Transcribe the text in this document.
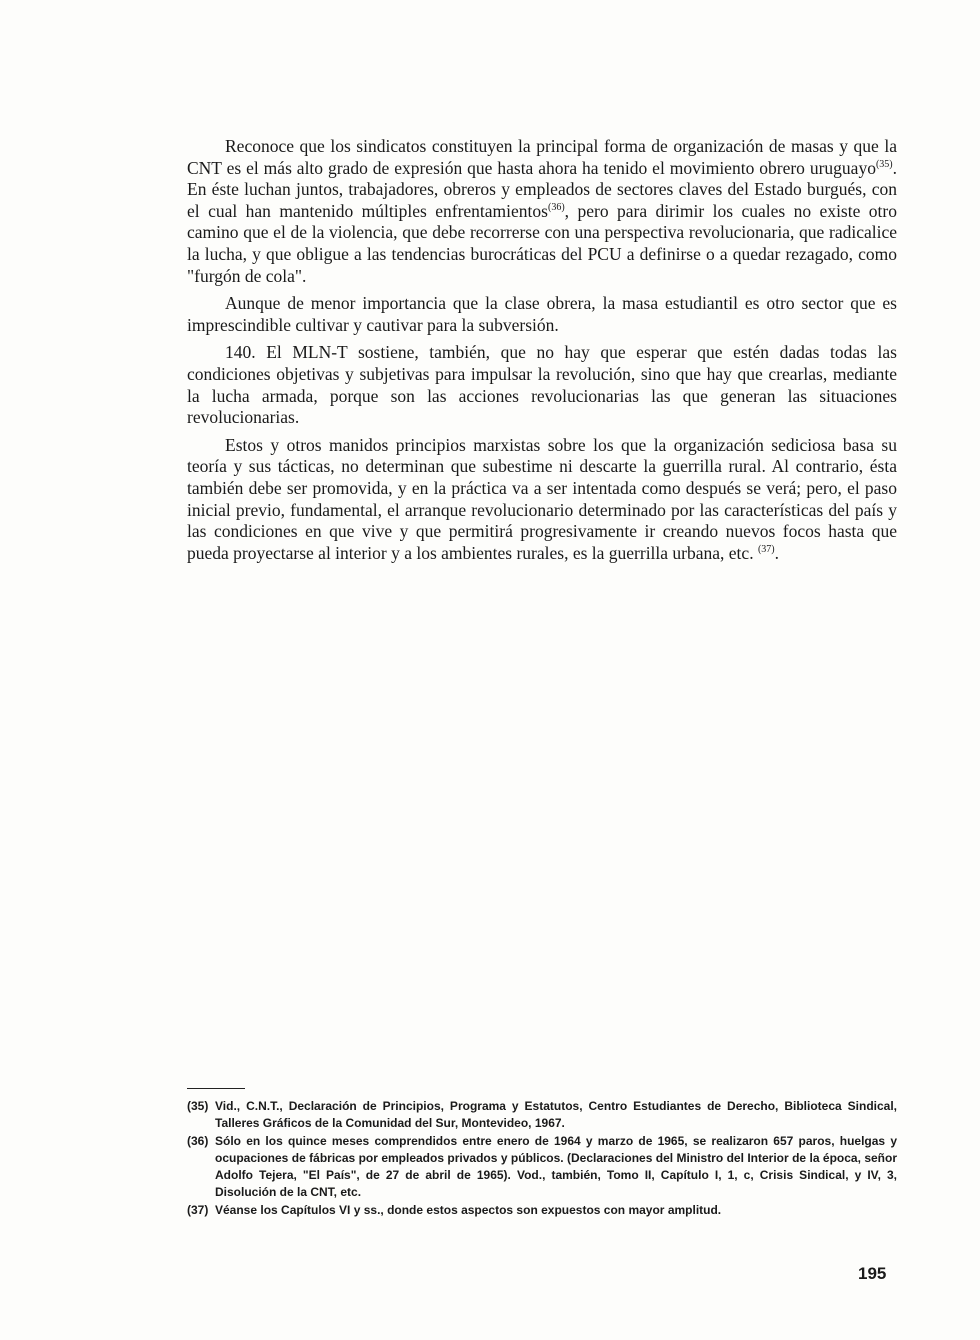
Reconoce que los sindicatos constituyen la principal forma de organización de masas y que la CNT es el más alto grado de expresión que hasta ahora ha tenido el movimiento obrero uruguayo$^{(35)}$. En éste luchan juntos, trabajadores, obreros y empleados de sectores claves del Estado burgués, con el cual han mantenido múltiples enfrentamientos$^{(36)}$, pero para dirimir los cuales no existe otro camino que el de la violencia, que debe recorrerse con una perspectiva revolucionaria, que radicalice la lucha, y que obligue a las tendencias burocráticas del PCU a definirse o a quedar rezagado, como "furgón de cola".

Aunque de menor importancia que la clase obrera, la masa estudiantil es otro sector que es imprescindible cultivar y cautivar para la subversión.

140. El MLN-T sostiene, también, que no hay que esperar que estén dadas todas las condiciones objetivas y subjetivas para impulsar la revolución, sino que hay que crearlas, mediante la lucha armada, porque son las acciones revolucionarias las que generan las situaciones revolucionarias.

Estos y otros manidos principios marxistas sobre los que la organización sediciosa basa su teoría y sus tácticas, no determinan que subestime ni descarte la guerrilla rural. Al contrario, ésta también debe ser promovida, y en la práctica va a ser intentada como después se verá; pero, el paso inicial previo, fundamental, el arranque revolucionario determinado por las características del país y las condiciones en que vive y que permitirá progresivamente ir creando nuevos focos hasta que pueda proyectarse al interior y a los ambientes rurales, es la guerrilla urbana, etc. $^{(37)}$.

(35) Vid., C.N.T., Declaración de Principios, Programa y Estatutos, Centro Estudiantes de Derecho, Biblioteca Sindical, Talleres Gráficos de la Comunidad del Sur, Montevideo, 1967.
(36) Sólo en los quince meses comprendidos entre enero de 1964 y marzo de 1965, se realizaron 657 paros, huelgas y ocupaciones de fábricas por empleados privados y públicos. (Declaraciones del Ministro del Interior de la época, señor Adolfo Tejera, "El País", de 27 de abril de 1965). Vod., también, Tomo II, Capítulo I, 1, c, Crisis Sindical, y IV, 3, Disolución de la CNT, etc.
(37) Véanse los Capítulos VI y ss., donde estos aspectos son expuestos con mayor amplitud.
195
